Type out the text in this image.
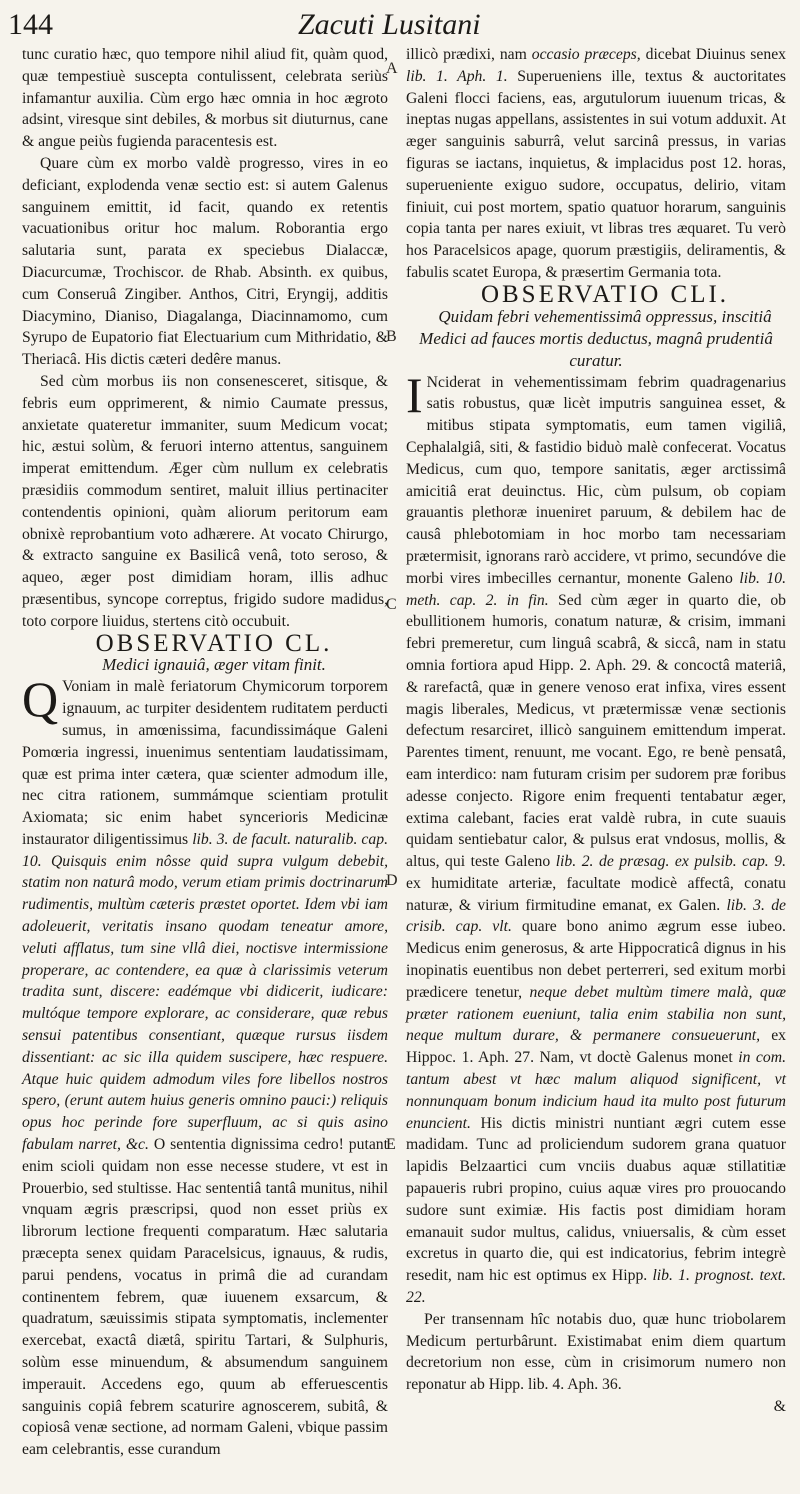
144	Zacuti Lusitani
A
B
C
D
E

tunc curatio hæc, quo tempore nihil aliud fit, quàm quod, quæ tempestiuè suscepta contulissent, celebrata seriùs infamantur auxilia. Cùm ergo hæc omnia in hoc ægroto adsint, viresque sint debiles, & morbus sit diuturnus, cane & angue peiùs fugienda paracentesis est.

Quare cùm ex morbo valdè progresso, vires in eo deficiant, explodenda venæ sectio est: si autem Galenus sanguinem emittit, id facit, quando ex retentis vacuationibus oritur hoc malum. Roborantia ergo salutaria sunt, parata ex speciebus Dialaccæ, Diacurcumæ, Trochiscor. de Rhab. Absinth. ex quibus, cum Conseruâ Zingiber. Anthos, Citri, Eryngij, additis Diacymino, Dianiso, Diagalanga, Diacinnamomo, cum Syrupo de Eupatorio fiat Electuarium cum Mithridatio, & Theriacâ. His dictis cæteri dedêre manus.

Sed cùm morbus iis non consenesceret, sitisque, & febris eum opprimerent, & nimio Caumate pressus, anxietate quateretur immaniter, suum Medicum vocat; hic, æstui solùm, & feruori interno attentus, sanguinem imperat emittendum. Æger cùm nullum ex celebratis præsidiis commodum sentiret, maluit illius pertinaciter contendentis opinioni, quàm aliorum peritorum eam obnixè reprobantium voto adhærere. At vocato Chirurgo, & extracto sanguine ex Basilicâ venâ, toto seroso, & aqueo, æger post dimidiam horam, illis adhuc præsentibus, syncope correptus, frigido sudore madidus, toto corpore liuidus, stertens citò occubuit.

OBSERVATIO CL.

Medici ignauiâ, æger vitam finit.

Q Voniam in malè feriatorum Chymicorum torporem ignauum, ac turpiter desidentem ruditatem perducti sumus, in amœnissima, facundissimáque Galeni Pomœria ingressi, inuenimus sententiam laudatissimam, quæ est prima inter cætera, quæ scienter admodum ille, nec citra rationem, summámque scientiam protulit Axiomata; sic enim habet syncerioris Medicinæ instaurator diligentissimus lib. 3. de facult. naturalib. cap. 10. Quisquis enim nôsse quid supra vulgum debebit, statim non naturâ modo, verum etiam primis doctrinarum rudimentis, multùm cæteris præstet oportet. Idem vbi iam adoleuerit, veritatis insano quodam teneatur amore, veluti afflatus, tum sine vllâ diei, noctisve intermissione properare, ac contendere, ea quæ à clarissimis veterum tradita sunt, discere: eadémque vbi didicerit, iudicare: multóque tempore explorare, ac considerare, quæ rebus sensui patentibus consentiant, quæque rursus iisdem dissentiant: ac sic illa quidem suscipere, hæc respuere. Atque huic quidem admodum viles fore libellos nostros spero, (erunt autem huius generis omnino pauci:) reliquis opus hoc perinde fore superfluum, ac si quis asino fabulam narret, &c. O sententia dignissima cedro! putant enim scioli quidam non esse necesse studere, vt est in Prouerbio, sed stultisse. Hac sententiâ tantâ munitus, nihil vnquam ægris præscripsi, quod non esset priùs ex librorum lectione frequenti comparatum. Hæc salutaria præcepta senex quidam Paracelsicus, ignauus, & rudis, parui pendens, vocatus in primâ die ad curandam continentem febrem, quæ iuuenem exsarcum, & quadratum, sæuissimis stipata symptomatis, inclementer exercebat, exactâ diætâ, spiritu Tartari, & Sulphuris, solùm esse minuendum, & absumendum sanguinem imperauit. Accedens ego, quum ab efferuescentis sanguinis copiâ febrem scaturire agnoscerem, subitâ, & copiosâ venæ sectione, ad normam Galeni, vbique passim eam celebrantis, esse curandum

illicò prædixi, nam occasio præceps, dicebat Diuinus senex lib. 1. Aph. 1. Superueniens ille, textus & auctoritates Galeni flocci faciens, eas, argutulorum iuuenum tricas, & ineptas nugas appellans, assistentes in sui votum adduxit. At æger sanguinis saburrâ, velut sarcinâ pressus, in varias figuras se iactans, inquietus, & implacidus post 12. horas, superueniente exiguo sudore, occupatus, delirio, vitam finiuit, cui post mortem, spatio quatuor horarum, sanguinis copia tanta per nares exiuit, vt libras tres æquaret. Tu verò hos Paracelsicos apage, quorum præstigiis, deliramentis, & fabulis scatet Europa, & præsertim Germania tota.

OBSERVATIO CLI.

Quidam febri vehementissimâ oppressus, inscitiâ Medici ad fauces mortis deductus, magnâ prudentiâ curatur.

I Nciderat in vehementissimam febrim quadragenarius satis robustus, quæ licèt imputris sanguinea esset, & mitibus stipata symptomatis, eum tamen vigiliâ, Cephalalgiâ, siti, & fastidio biduò malè confecerat. Vocatus Medicus, cum quo, tempore sanitatis, æger arctissimâ amicitiâ erat deuinctus. Hic, cùm pulsum, ob copiam grauantis plethoræ inueniret paruum, & debilem hac de causâ phlebotomiam in hoc morbo tam necessariam prætermisit, ignorans rarò accidere, vt primo, secundóve die morbi vires imbecilles cernantur, monente Galeno lib. 10. meth. cap. 2. in fin. Sed cùm æger in quarto die, ob ebullitionem humoris, conatum naturæ, & crisim, immani febri premeretur, cum linguâ scabrâ, & siccâ, nam in statu omnia fortiora apud Hipp. 2. Aph. 29. & concoctâ materiâ, & rarefactâ, quæ in genere venoso erat infixa, vires essent magis liberales, Medicus, vt prætermissæ venæ sectionis defectum resarciret, illicò sanguinem emittendum imperat. Parentes timent, renuunt, me vocant. Ego, re benè pensatâ, eam interdico: nam futuram crisim per sudorem præ foribus adesse conjecto. Rigore enim frequenti tentabatur æger, extima calebant, facies erat valdè rubra, in cute suauis quidam sentiebatur calor, & pulsus erat vndosus, mollis, & altus, qui teste Galeno lib. 2. de præsag. ex pulsib. cap. 9. ex humiditate arteriæ, facultate modicè affectâ, conatu naturæ, & virium firmitudine emanat, ex Galen. lib. 3. de crisib. cap. vlt. quare bono animo ægrum esse iubeo. Medicus enim generosus, & arte Hippocraticâ dignus in his inopinatis euentibus non debet perterreri, sed exitum morbi prædicere tenetur, neque debet multùm timere malà, quæ præter rationem eueniunt, talia enim stabilia non sunt, neque multum durare, & permanere consueuerunt, ex Hippoc. 1. Aph. 27. Nam, vt doctè Galenus monet in com. tantum abest vt hæc malum aliquod significent, vt nonnunquam bonum indicium haud ita multo post futurum enuncient. His dictis ministri nuntiant ægri cutem esse madidam. Tunc ad proliciendum sudorem grana quatuor lapidis Belzaartici cum vnciis duabus aquæ stillatitiæ papaueris rubri propino, cuius aquæ vires pro prouocando sudore sunt eximiæ. His factis post dimidiam horam emanauit sudor multus, calidus, vniuersalis, & cùm esset excretus in quarto die, qui est indicatorius, febrim integrè resedit, nam hic est optimus ex Hipp. lib. 1. prognost. text. 22.

Per transennam hîc notabis duo, quæ hunc triobolarem Medicum perturbârunt. Existimabat enim diem quartum decretorium non esse, cùm in crisimorum numero non reponatur ab Hipp. lib. 4. Aph. 36.

&
